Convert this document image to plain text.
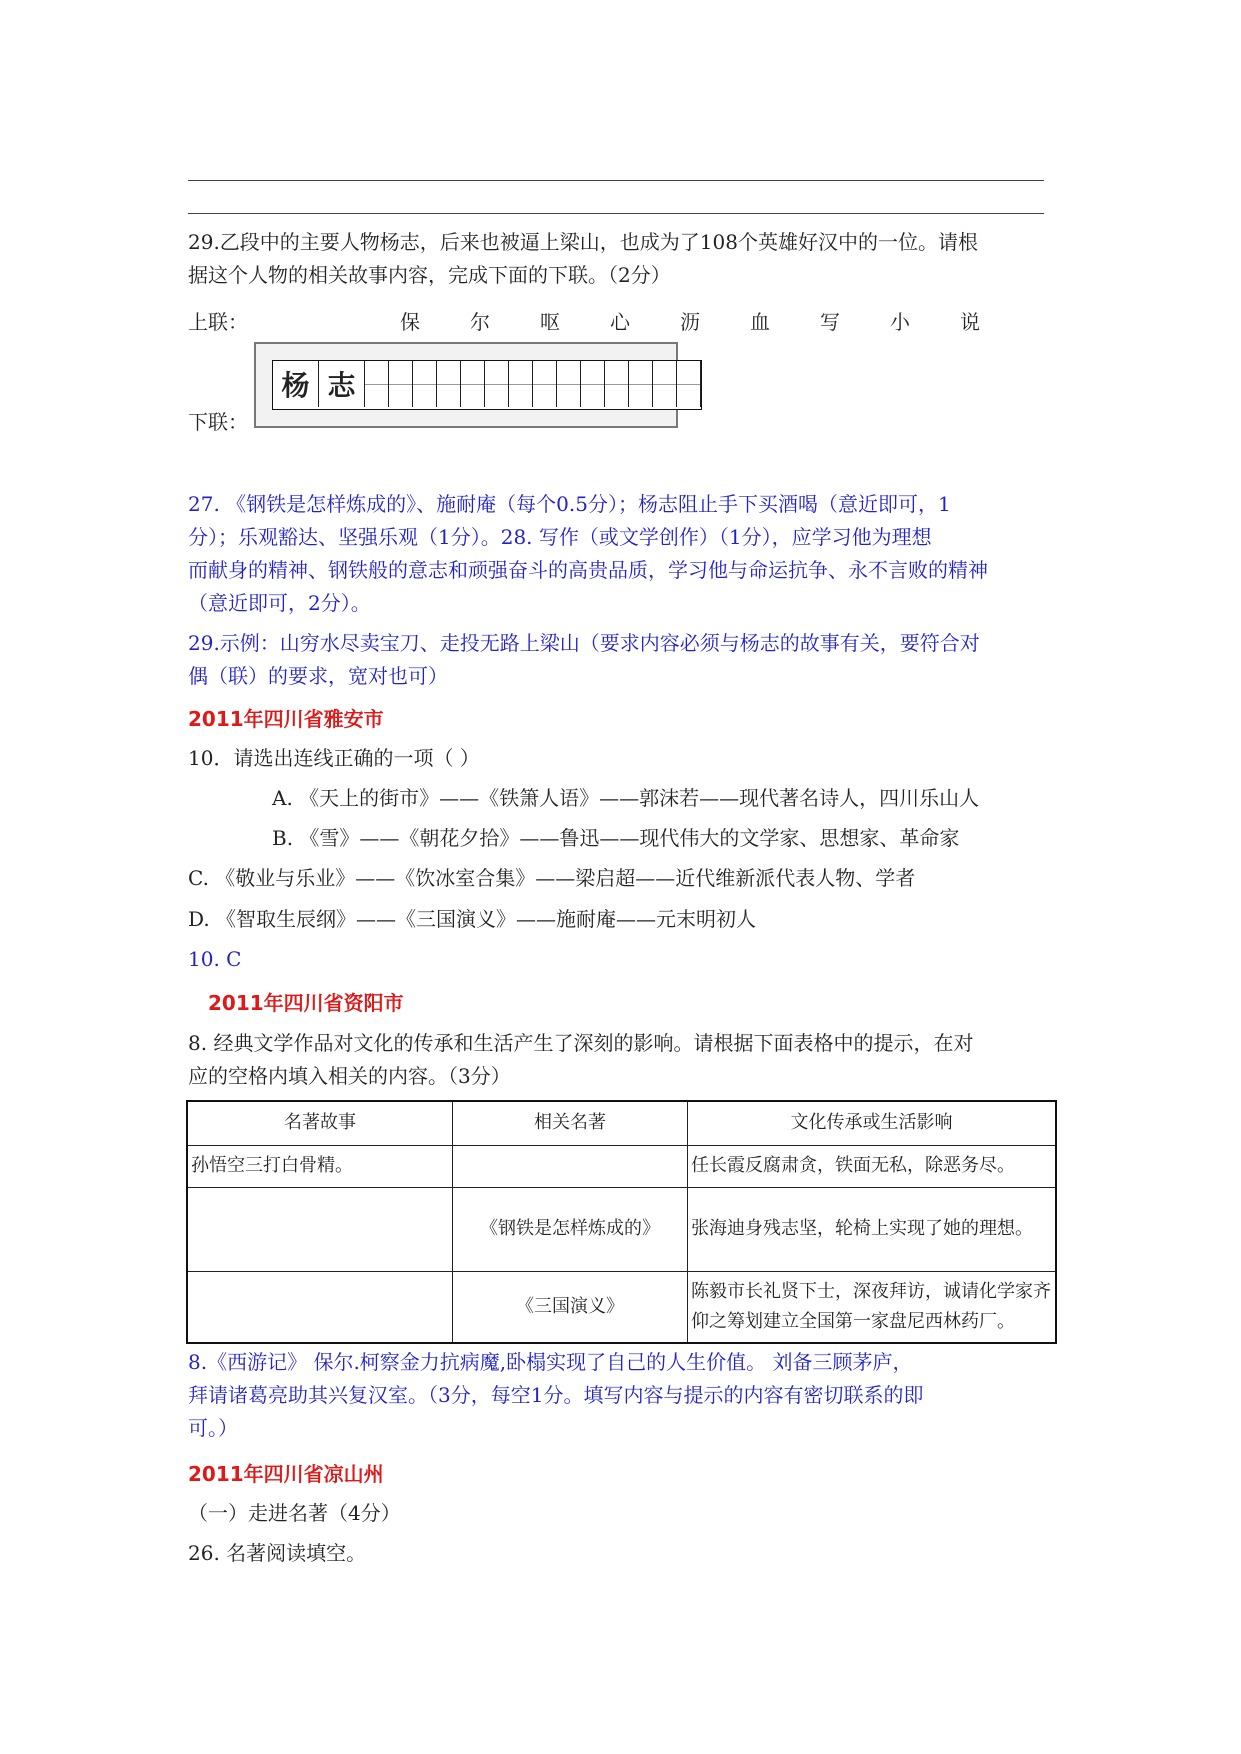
29.乙段中的主要人物杨志，后来也被逼上梁山，也成为了108个英雄好汉中的一位。请根
据这个人物的相关故事内容，完成下面的下联。（2分）
上联：	保	尔	呕	心	沥	血	写	小	说
杨 志
下联：
27. 《钢铁是怎样炼成的》、施耐庵（每个0.5分）；杨志阻止手下买酒喝（意近即可，1
分）；乐观豁达、坚强乐观（1分）。28. 写作（或文学创作）（1分），应学习他为理想
而献身的精神、钢铁般的意志和顽强奋斗的高贵品质，学习他与命运抗争、永不言败的精神
（意近即可，2分）。
29.示例：山穷水尽卖宝刀、走投无路上梁山（要求内容必须与杨志的故事有关，要符合对
偶（联）的要求，宽对也可）
2011年四川省雅安市
10．请选出连线正确的一项（ ）
A. 《天上的街市》——《铁箫人语》——郭沫若——现代著名诗人，四川乐山人
B. 《雪》——《朝花夕拾》——鲁迅——现代伟大的文学家、思想家、革命家
C. 《敬业与乐业》——《饮冰室合集》——梁启超——近代维新派代表人物、学者
D. 《智取生辰纲》——《三国演义》——施耐庵——元末明初人
10. C
2011年四川省资阳市
8. 经典文学作品对文化的传承和生活产生了深刻的影响。请根据下面表格中的提示，在对
应的空格内填入相关的内容。（3分）
名著故事	相关名著	文化传承或生活影响
孙悟空三打白骨精。		任长霞反腐肃贪，铁面无私，除恶务尽。
	《钢铁是怎样炼成的》	张海迪身残志坚，轮椅上实现了她的理想。
	《三国演义》	陈毅市长礼贤下士，深夜拜访，诚请化学家齐仰之筹划建立全国第一家盘尼西林药厂。
8.《西游记》 保尔.柯察金力抗病魔,卧榻实现了自己的人生价值。 刘备三顾茅庐，
拜请诸葛亮助其兴复汉室。（3分，每空1分。填写内容与提示的内容有密切联系的即
可。）
2011年四川省凉山州
（一）走进名著（4分）
26. 名著阅读填空。
